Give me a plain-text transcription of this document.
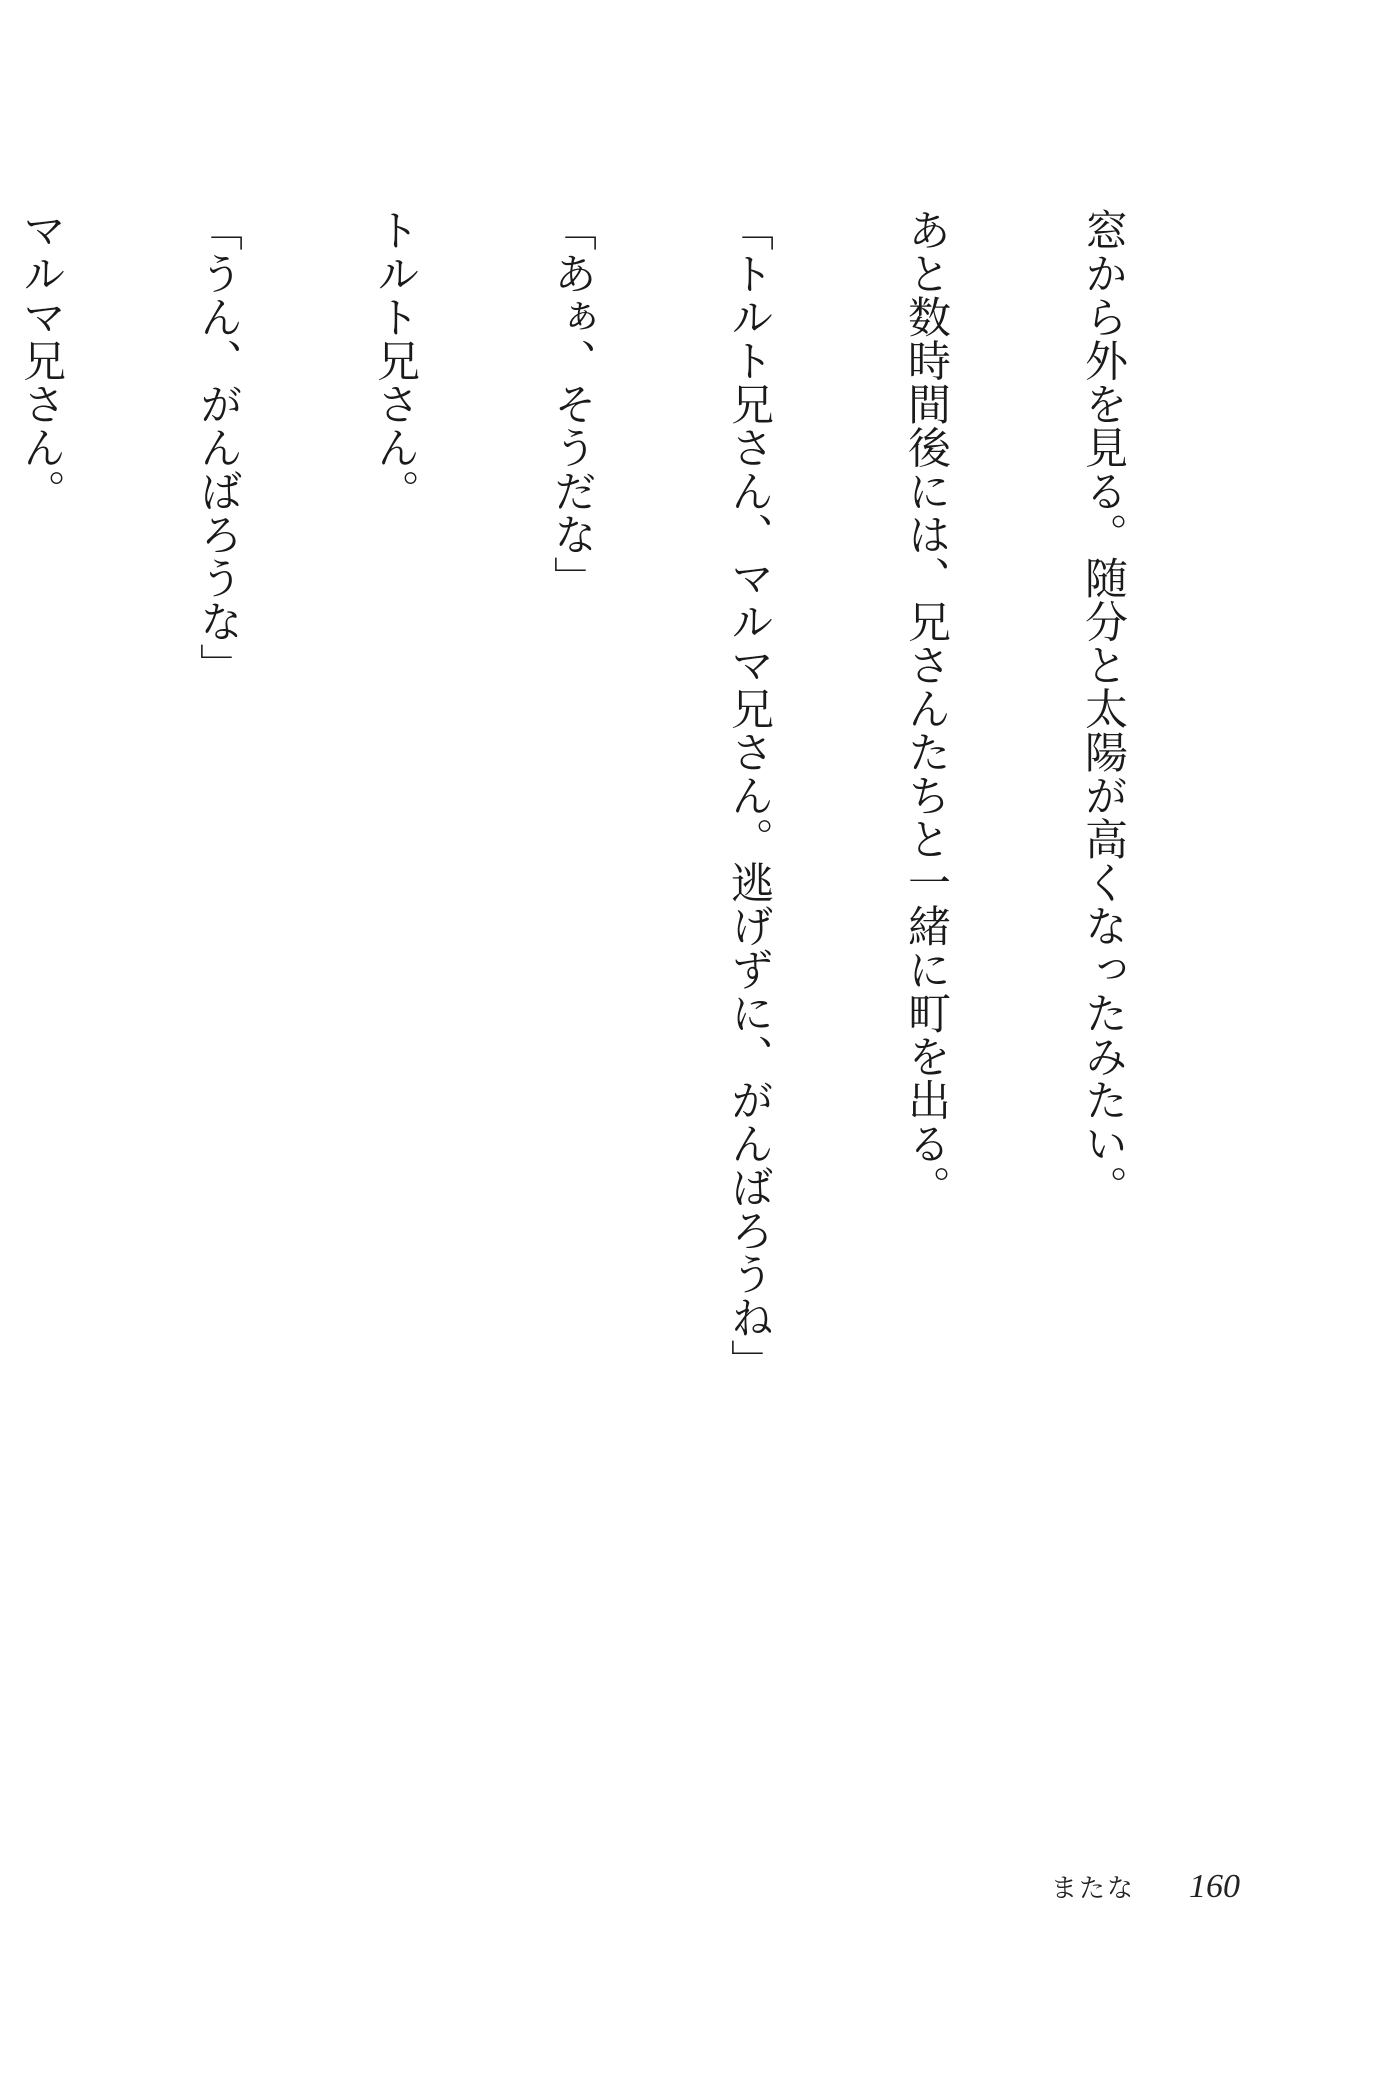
窓から外を見る。随分と太陽が高くなったみたい。

あと数時間後には、兄さんたちと一緒に町を出る。

「トルト兄さん、マルマ兄さん。逃げずに、がんばろうね」

「あぁ、そうだな」

トルト兄さん。

「うん、がんばろうな」

マルマ兄さん。

またな 160
